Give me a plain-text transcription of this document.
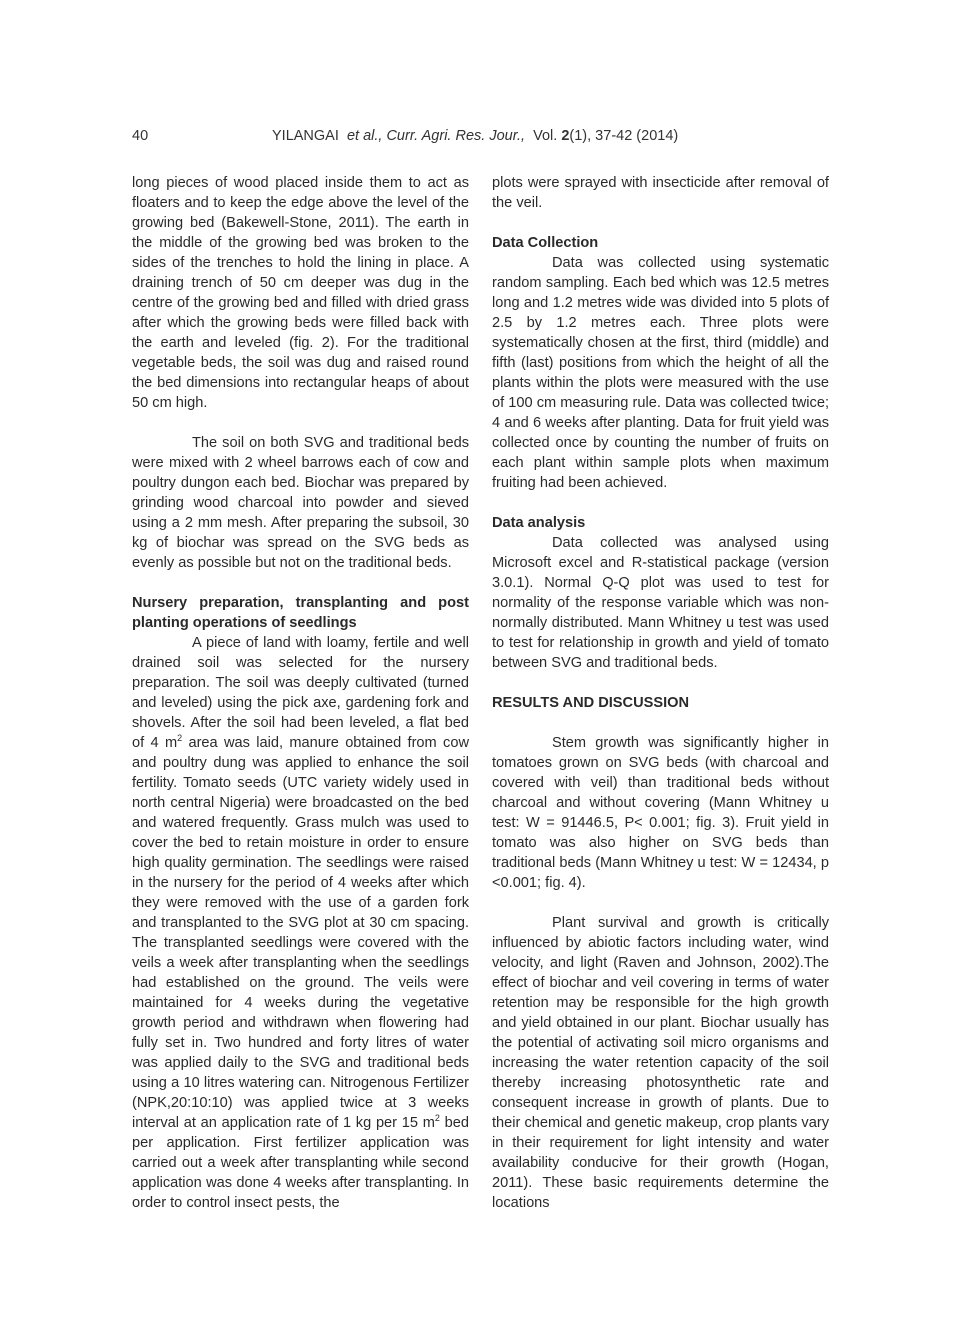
40	YILANGAI et al., Curr. Agri. Res. Jour., Vol. 2(1), 37-42 (2014)

long pieces of wood placed inside them to act as floaters and to keep the edge above the level of the growing bed (Bakewell-Stone, 2011). The earth in the middle of the growing bed was broken to the sides of the trenches to hold the lining in place. A draining trench of 50 cm deeper was dug in the centre of the growing bed and filled with dried grass after which the growing beds were filled back with the earth and leveled (fig. 2). For the traditional vegetable beds, the soil was dug and raised round the bed dimensions into rectangular heaps of about 50 cm high.

The soil on both SVG and traditional beds were mixed with 2 wheel barrows each of cow and poultry dungon each bed. Biochar was prepared by grinding wood charcoal into powder and sieved using a 2 mm mesh. After preparing the subsoil, 30 kg of biochar was spread on the SVG beds as evenly as possible but not on the traditional beds.

Nursery preparation, transplanting and post planting operations of seedlings

A piece of land with loamy, fertile and well drained soil was selected for the nursery preparation. The soil was deeply cultivated (turned and leveled) using the pick axe, gardening fork and shovels. After the soil had been leveled, a flat bed of 4 $m^2$ area was laid, manure obtained from cow and poultry dung was applied to enhance the soil fertility. Tomato seeds (UTC variety widely used in north central Nigeria) were broadcasted on the bed and watered frequently. Grass mulch was used to cover the bed to retain moisture in order to ensure high quality germination. The seedlings were raised in the nursery for the period of 4 weeks after which they were removed with the use of a garden fork and transplanted to the SVG plot at 30 cm spacing. The transplanted seedlings were covered with the veils a week after transplanting when the seedlings had established on the ground. The veils were maintained for 4 weeks during the vegetative growth period and withdrawn when flowering had fully set in. Two hundred and forty litres of water was applied daily to the SVG and traditional beds using a 10 litres watering can. Nitrogenous Fertilizer (NPK,20:10:10) was applied twice at 3 weeks interval at an application rate of 1 kg per 15 $m^2$ bed per application. First fertilizer application was carried out a week after transplanting while second application was done 4 weeks after transplanting. In order to control insect pests, the

plots were sprayed with insecticide after removal of the veil.

Data Collection

Data was collected using systematic random sampling. Each bed which was 12.5 metres long and 1.2 metres wide was divided into 5 plots of 2.5 by 1.2 metres each. Three plots were systematically chosen at the first, third (middle) and fifth (last) positions from which the height of all the plants within the plots were measured with the use of 100 cm measuring rule. Data was collected twice; 4 and 6 weeks after planting. Data for fruit yield was collected once by counting the number of fruits on each plant within sample plots when maximum fruiting had been achieved.

Data analysis

Data collected was analysed using Microsoft excel and R-statistical package (version 3.0.1). Normal Q-Q plot was used to test for normality of the response variable which was non-normally distributed. Mann Whitney u test was used to test for relationship in growth and yield of tomato between SVG and traditional beds.

RESULTS AND DISCUSSION

Stem growth was significantly higher in tomatoes grown on SVG beds (with charcoal and covered with veil) than traditional beds without charcoal and without covering (Mann Whitney u test: W = 91446.5, P< 0.001; fig. 3). Fruit yield in tomato was also higher on SVG beds than traditional beds (Mann Whitney u test: W = 12434, p <0.001; fig. 4).

Plant survival and growth is critically influenced by abiotic factors including water, wind velocity, and light (Raven and Johnson, 2002).The effect of biochar and veil covering in terms of water retention may be responsible for the high growth and yield obtained in our plant. Biochar usually has the potential of activating soil micro organisms and increasing the water retention capacity of the soil thereby increasing photosynthetic rate and consequent increase in growth of plants. Due to their chemical and genetic makeup, crop plants vary in their requirement for light intensity and water availability conducive for their growth (Hogan, 2011). These basic requirements determine the locations
